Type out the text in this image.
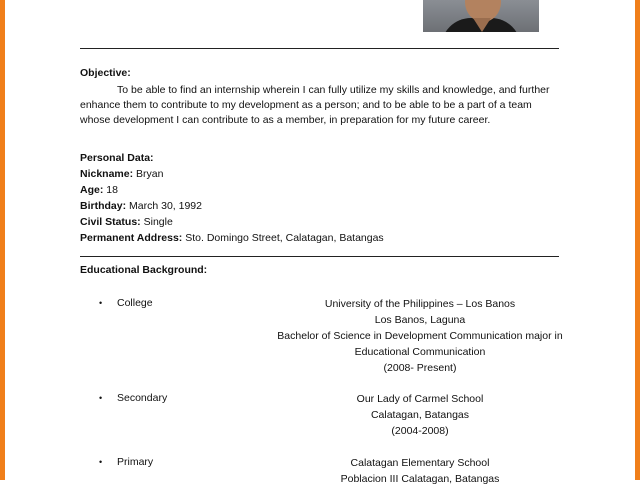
Objective:
To be able to find an internship wherein I can fully utilize my skills and knowledge, and further
enhance them to contribute to my development as a person; and to be able to be a part of a team
whose development I can contribute to as a member, in preparation for my future career.
Personal Data:
Nickname: Bryan
Age: 18
Birthday: March 30, 1992
Civil Status: Single
Permanent Address: Sto. Domingo Street, Calatagan, Batangas
Educational Background:
• College	University of the Philippines – Los Banos
Los Banos, Laguna
Bachelor of Science in Development Communication major in
Educational Communication
(2008- Present)
• Secondary	Our Lady of Carmel School
Calatagan, Batangas
(2004-2008)
• Primary	Calatagan Elementary School
Poblacion III Calatagan, Batangas
